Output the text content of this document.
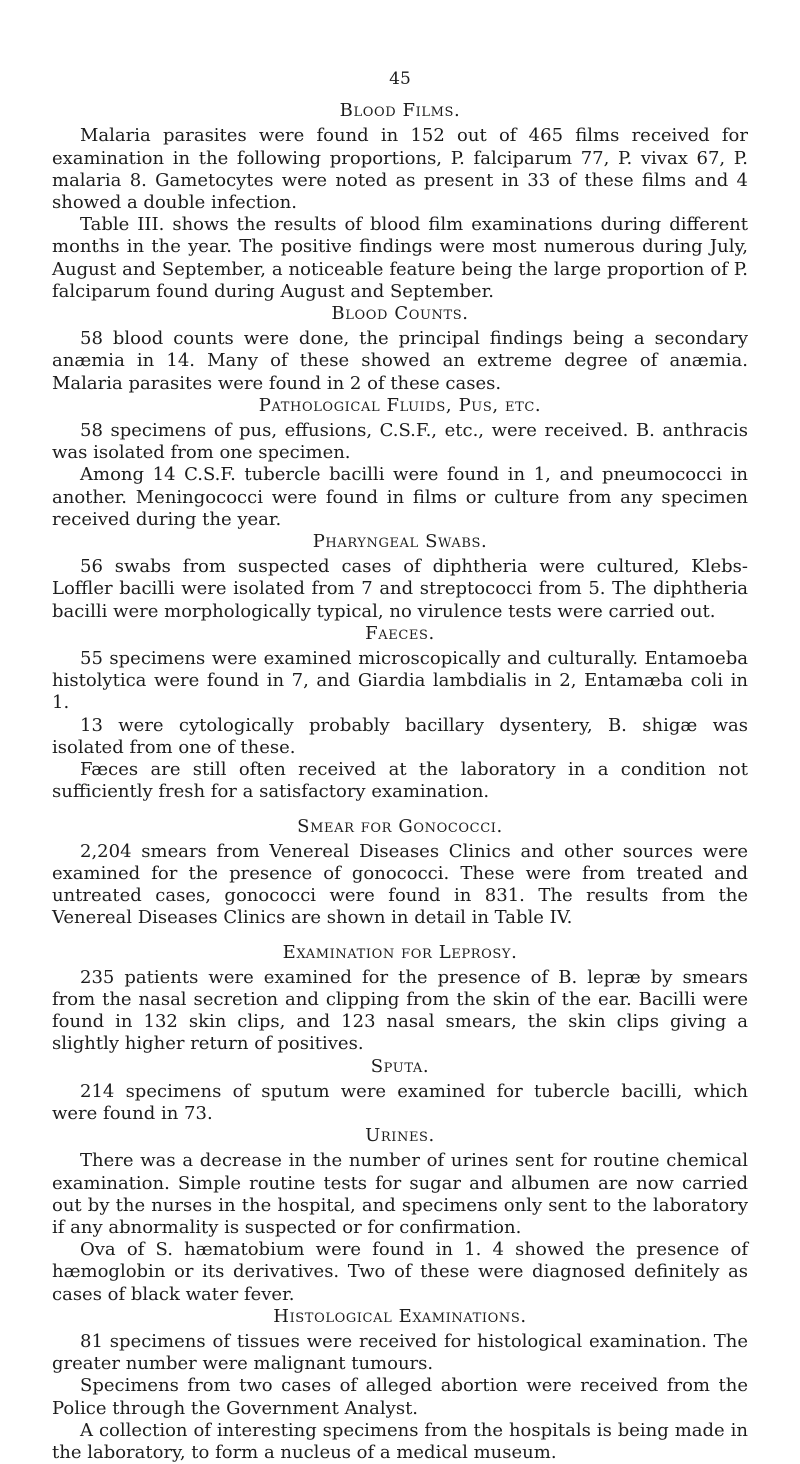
45
Blood Films.

Malaria parasites were found in 152 out of 465 films received for examination in the following proportions, P. falciparum 77, P. vivax 67, P. malaria 8. Gametocytes were noted as present in 33 of these films and 4 showed a double infection.

Table III. shows the results of blood film examinations during different months in the year. The positive findings were most numerous during July, August and September, a noticeable feature being the large proportion of P. falciparum found during August and September.

Blood Counts.

58 blood counts were done, the principal findings being a secondary anæmia in 14. Many of these showed an extreme degree of anæmia. Malaria parasites were found in 2 of these cases.

Pathological Fluids, Pus, etc.

58 specimens of pus, effusions, C.S.F., etc., were received. B. anthracis was isolated from one specimen.

Among 14 C.S.F. tubercle bacilli were found in 1, and pneumococci in another. Meningococci were found in films or culture from any specimen received during the year.

Pharyngeal Swabs.

56 swabs from suspected cases of diphtheria were cultured, Klebs-Loffler bacilli were isolated from 7 and streptococci from 5. The diphtheria bacilli were morphologically typical, no virulence tests were carried out.

Faeces.

55 specimens were examined microscopically and culturally. Entamoeba histolytica were found in 7, and Giardia lambdialis in 2, Entamæba coli in 1.

13 were cytologically probably bacillary dysentery, B. shigæ was isolated from one of these.

Fæces are still often received at the laboratory in a condition not sufficiently fresh for a satisfactory examination.

Smear for Gonococci.

2,204 smears from Venereal Diseases Clinics and other sources were examined for the presence of gonococci. These were from treated and untreated cases, gonococci were found in 831. The results from the Venereal Diseases Clinics are shown in detail in Table IV.

Examination for Leprosy.

235 patients were examined for the presence of B. lepræ by smears from the nasal secretion and clipping from the skin of the ear. Bacilli were found in 132 skin clips, and 123 nasal smears, the skin clips giving a slightly higher return of positives.

Sputa.

214 specimens of sputum were examined for tubercle bacilli, which were found in 73.

Urines.

There was a decrease in the number of urines sent for routine chemical examination. Simple routine tests for sugar and albumen are now carried out by the nurses in the hospital, and specimens only sent to the laboratory if any abnormality is suspected or for confirmation.

Ova of S. hæmatobium were found in 1. 4 showed the presence of hæmoglobin or its derivatives. Two of these were diagnosed definitely as cases of black water fever.

Histological Examinations.

81 specimens of tissues were received for histological examination. The greater number were malignant tumours.

Specimens from two cases of alleged abortion were received from the Police through the Government Analyst.

A collection of interesting specimens from the hospitals is being made in the laboratory, to form a nucleus of a medical museum.
